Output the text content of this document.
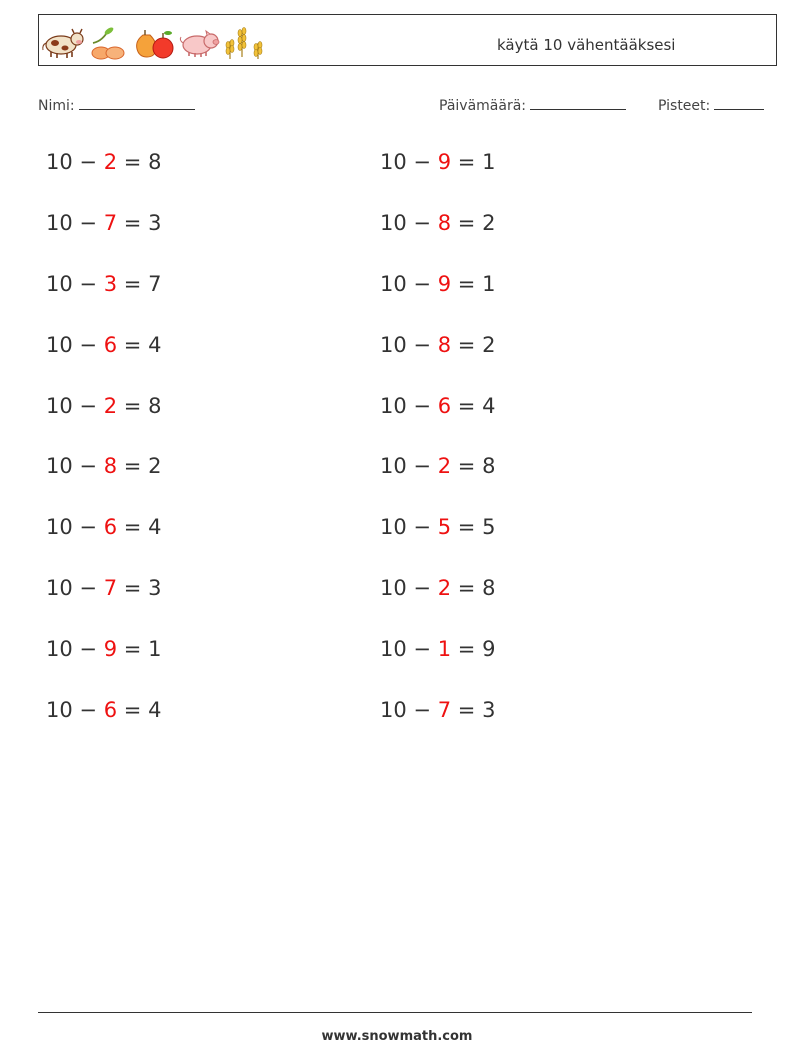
käytä 10 vähentääksesi
Nimi:	Päivämäärä:	Pisteet:
10 − 2 = 8
10 − 7 = 3
10 − 3 = 7
10 − 6 = 4
10 − 2 = 8
10 − 8 = 2
10 − 6 = 4
10 − 7 = 3
10 − 9 = 1
10 − 6 = 4
10 − 9 = 1
10 − 8 = 2
10 − 9 = 1
10 − 8 = 2
10 − 6 = 4
10 − 2 = 8
10 − 5 = 5
10 − 2 = 8
10 − 1 = 9
10 − 7 = 3
www.snowmath.com
